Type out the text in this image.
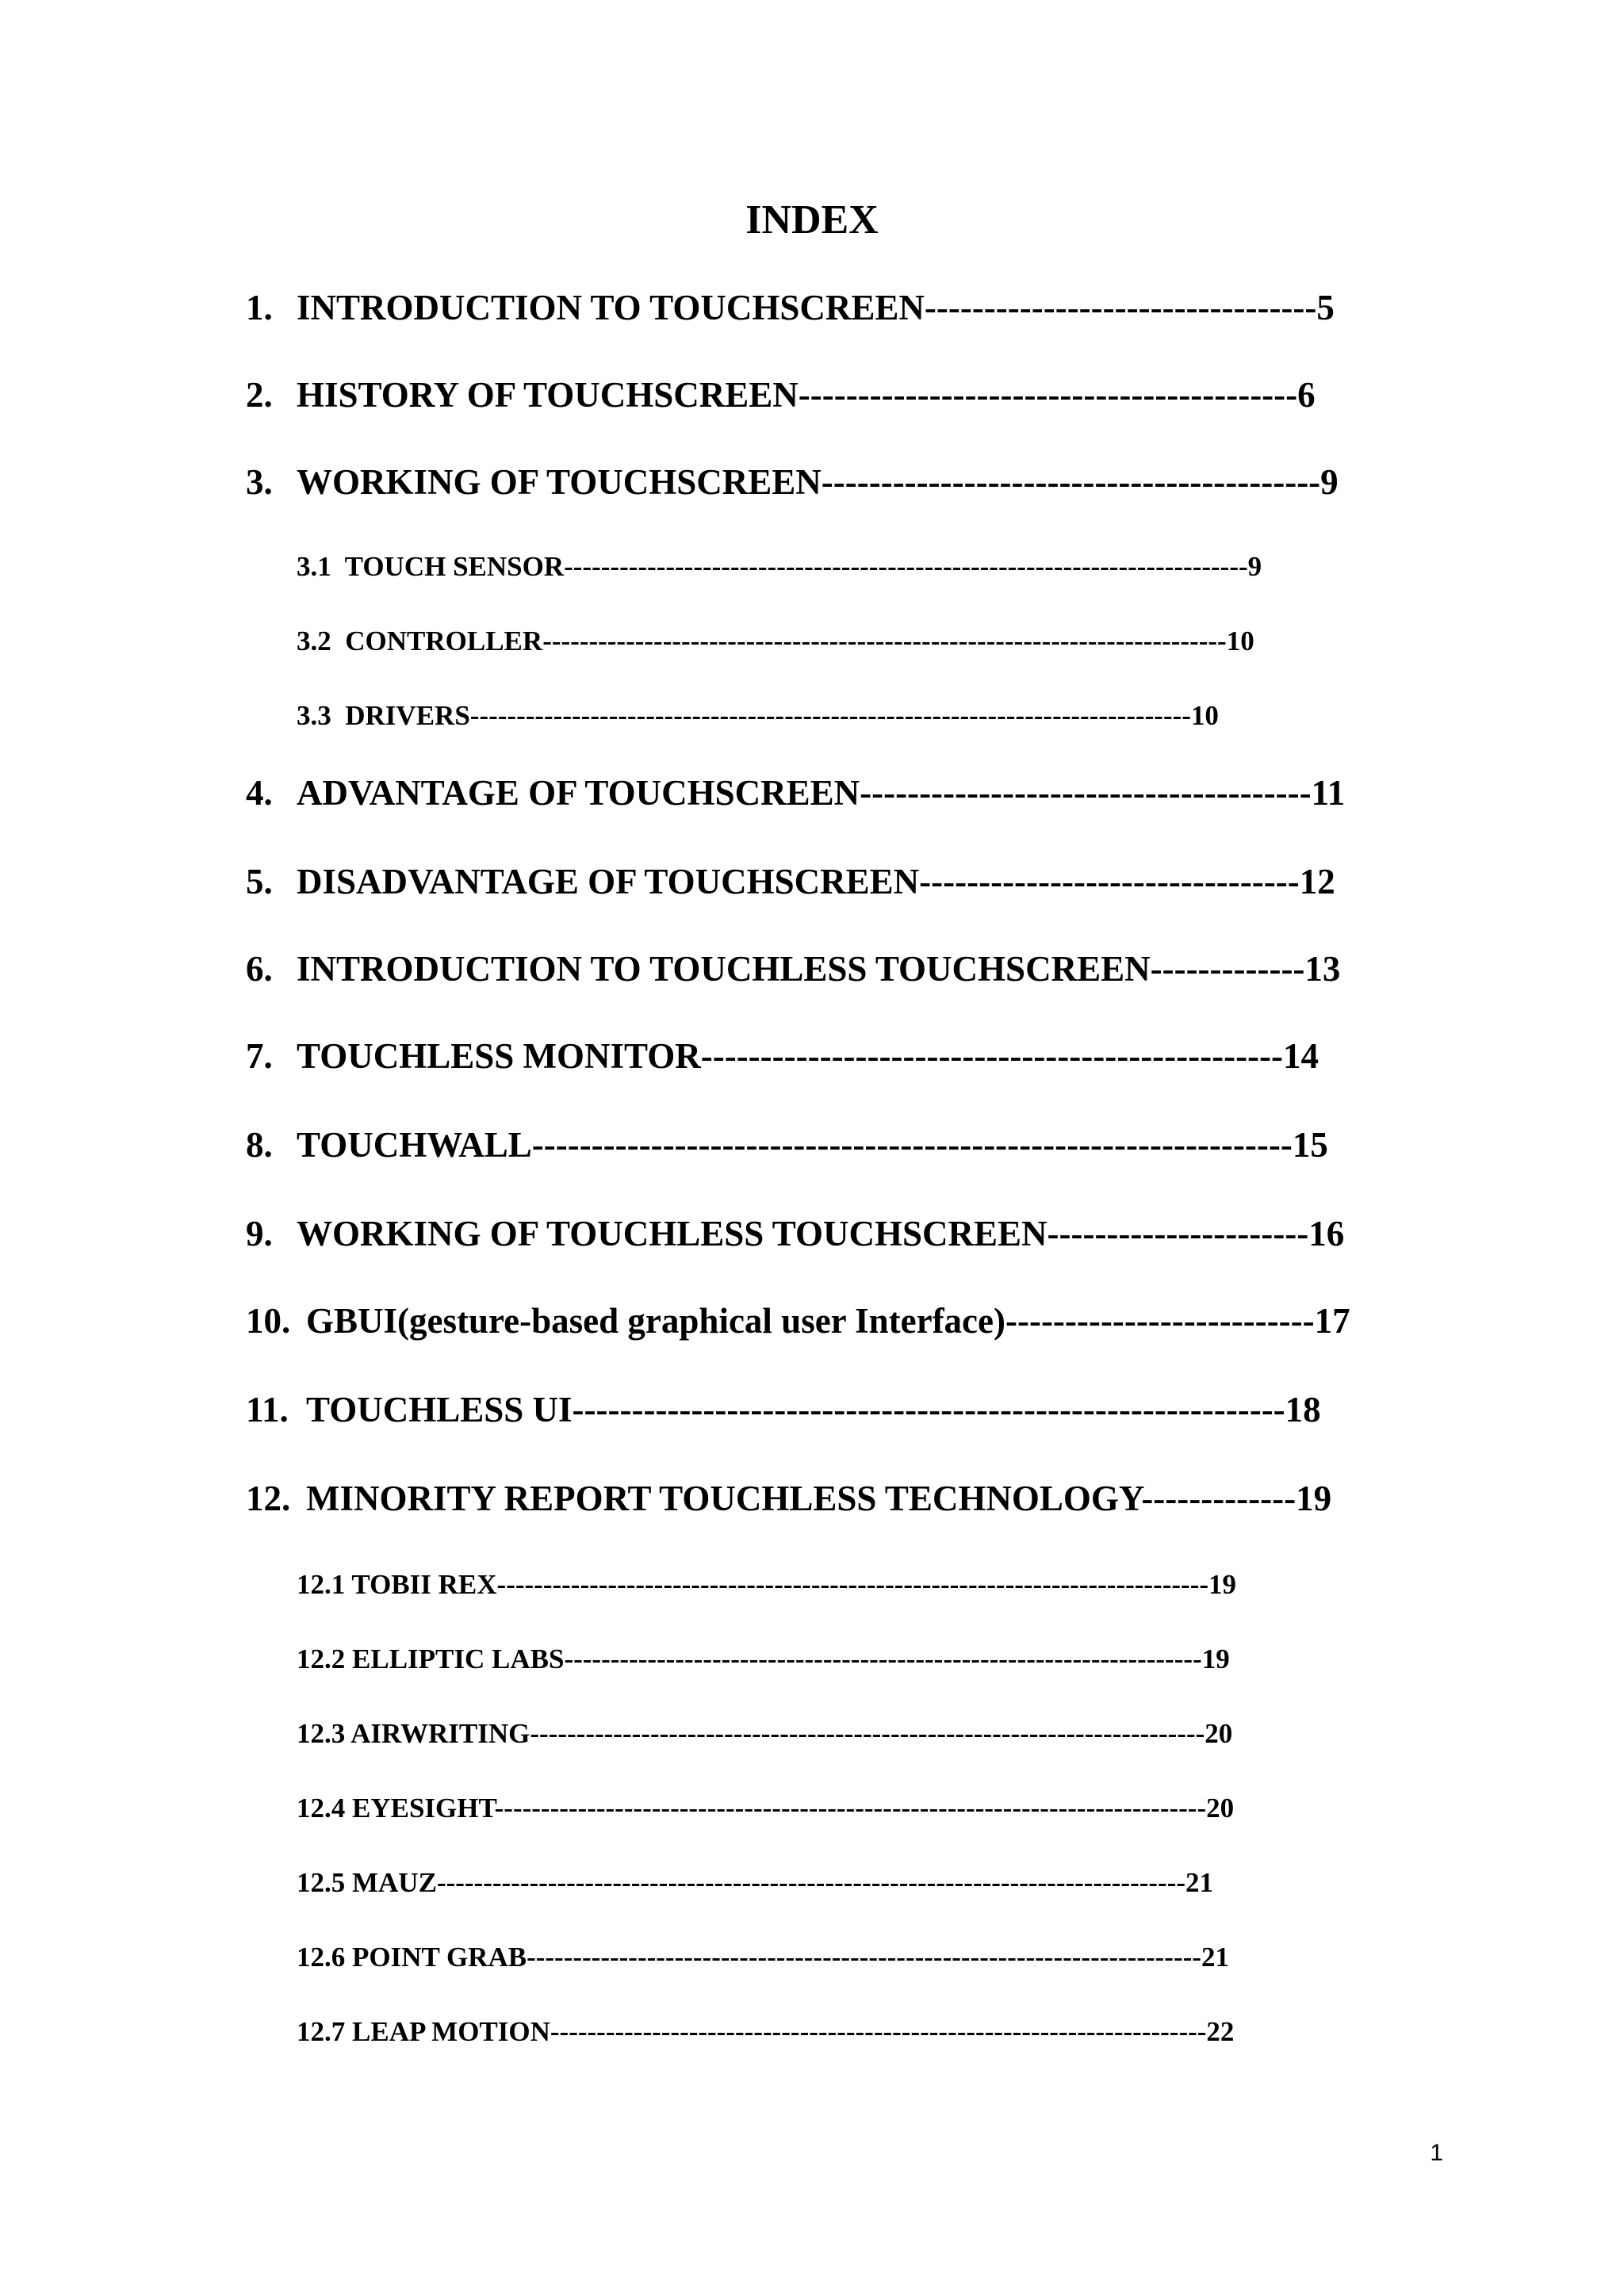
INDEX
1. INTRODUCTION TO TOUCHSCREEN---------------------------------5
2. HISTORY OF TOUCHSCREEN------------------------------------------6
3. WORKING OF TOUCHSCREEN------------------------------------------9
3.1 TOUCH SENSOR--------------------------------------------------------------------------9
3.2 CONTROLLER--------------------------------------------------------------------------10
3.3 DRIVERS------------------------------------------------------------------------------10
4. ADVANTAGE OF TOUCHSCREEN--------------------------------------11
5. DISADVANTAGE OF TOUCHSCREEN--------------------------------12
6. INTRODUCTION TO TOUCHLESS TOUCHSCREEN-------------13
7. TOUCHLESS MONITOR-------------------------------------------------14
8. TOUCHWALL----------------------------------------------------------------15
9. WORKING OF TOUCHLESS TOUCHSCREEN----------------------16
10. GBUI(gesture-based graphical user Interface)--------------------------17
11. TOUCHLESS UI------------------------------------------------------------18
12. MINORITY REPORT TOUCHLESS TECHNOLOGY-------------19
12.1 TOBII REX-----------------------------------------------------------------------------19
12.2 ELLIPTIC LABS---------------------------------------------------------------------19
12.3 AIRWRITING-------------------------------------------------------------------------20
12.4 EYESIGHT-----------------------------------------------------------------------------20
12.5 MAUZ---------------------------------------------------------------------------------21
12.6 POINT GRAB-------------------------------------------------------------------------21
12.7 LEAP MOTION-----------------------------------------------------------------------22
1
